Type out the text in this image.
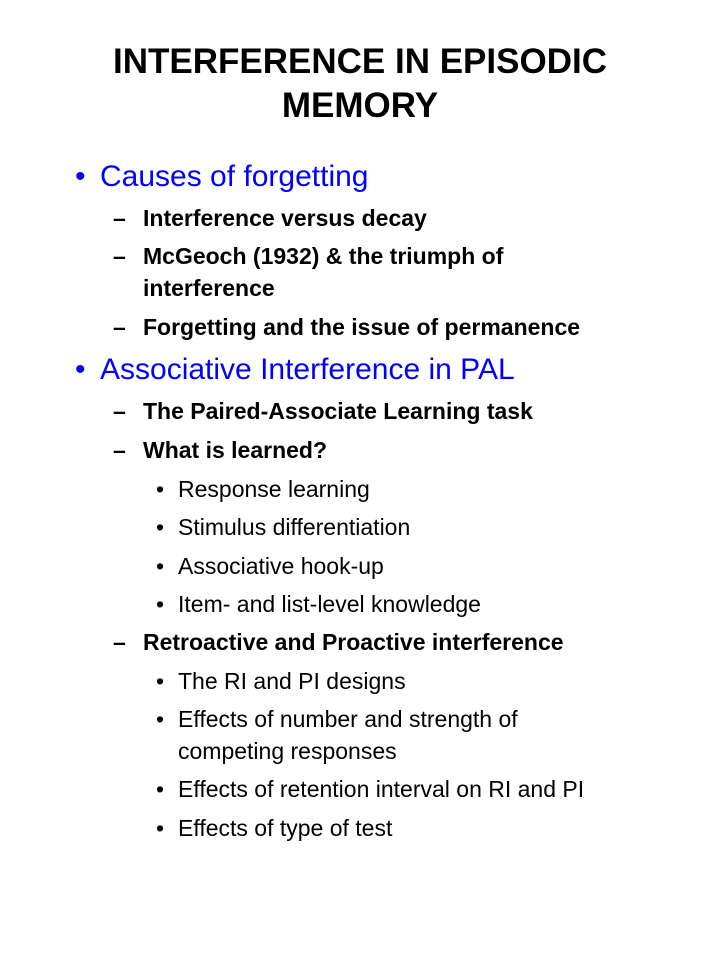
INTERFERENCE IN EPISODIC
MEMORY
• Causes of forgetting
– Interference versus decay
– McGeoch (1932) & the triumph of
interference
– Forgetting and the issue of permanence
• Associative Interference in PAL
– The Paired-Associate Learning task
– What is learned?
• Response learning
• Stimulus differentiation
• Associative hook-up
• Item- and list-level knowledge
– Retroactive and Proactive interference
• The RI and PI designs
• Effects of number and strength of
competing responses
• Effects of retention interval on RI and PI
• Effects of type of test
